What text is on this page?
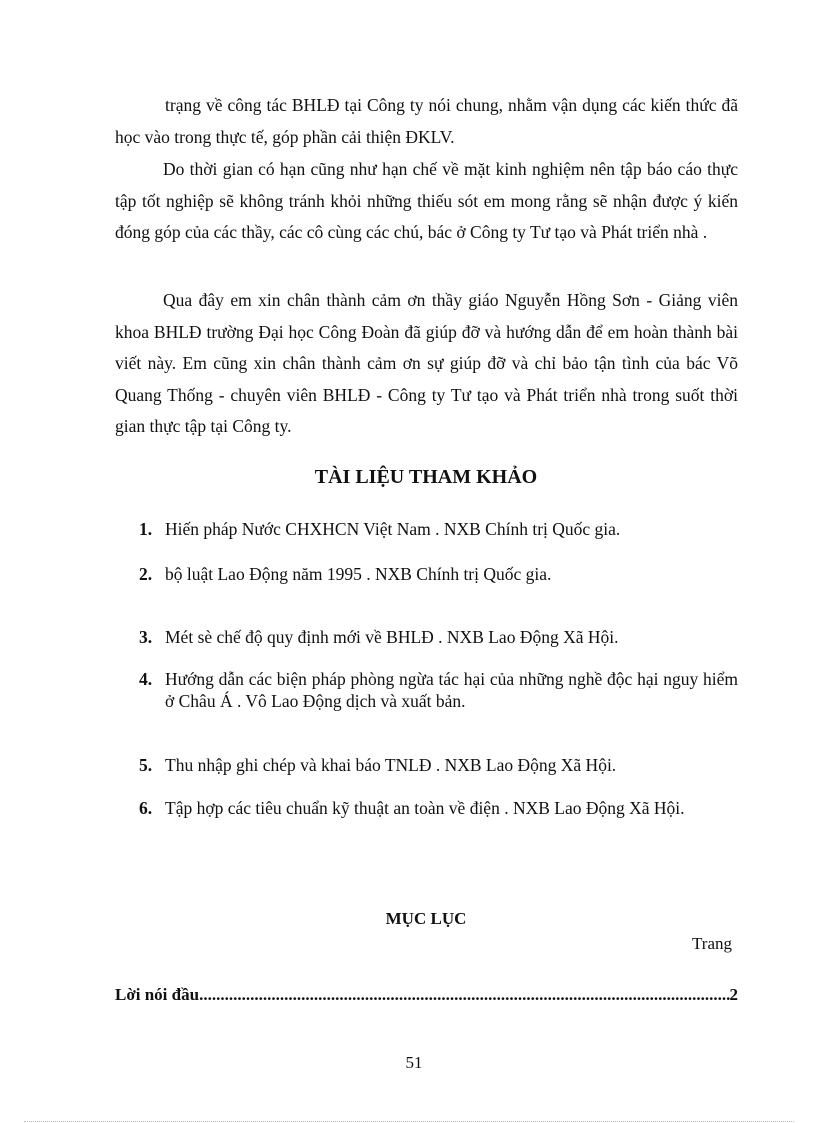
trạng về công tác BHLĐ tại Công ty nói chung, nhằm vận dụng các kiến thức đã học vào trong thực tế, góp phần cải thiện ĐKLV.

Do thời gian có hạn cũng như hạn chế về mặt kinh nghiệm nên tập báo cáo thực tập tốt nghiệp sẽ không tránh khỏi những thiếu sót em mong rằng sẽ nhận được ý kiến đóng góp của các thầy, các cô cùng các chú, bác ở Công ty Tư tạo và Phát triển nhà .

Qua đây em xin chân thành cảm ơn thầy giáo Nguyễn Hồng Sơn - Giảng viên khoa BHLĐ trường Đại học Công Đoàn đã giúp đỡ và hướng dẫn để em hoàn thành bài viết này. Em cũng xin chân thành cảm ơn sự giúp đỡ và chỉ bảo tận tình của bác Võ Quang Thống - chuyên viên BHLĐ - Công ty Tư tạo và Phát triển nhà trong suốt thời gian thực tập tại Công ty.

TÀI LIỆU THAM KHẢO
1. Hiến pháp Nước CHXHCN Việt Nam . NXB Chính trị Quốc gia.
2. bộ luật Lao Động năm 1995 . NXB Chính trị Quốc gia.
3. Mét sè chế độ quy định mới về BHLĐ . NXB Lao Động Xã Hội.
4. Hướng dẫn các biện pháp phòng ngừa tác hại của những nghề độc hại nguy hiểm ở Châu Á . Vô Lao Động dịch và xuất bản.
5. Thu nhập ghi chép và khai báo TNLĐ . NXB Lao Động Xã Hội.
6. Tập hợp các tiêu chuẩn kỹ thuật an toàn về điện . NXB Lao Động Xã Hội.
MỤC LỤC
Trang
Lời nói đầu
.....	2
51
